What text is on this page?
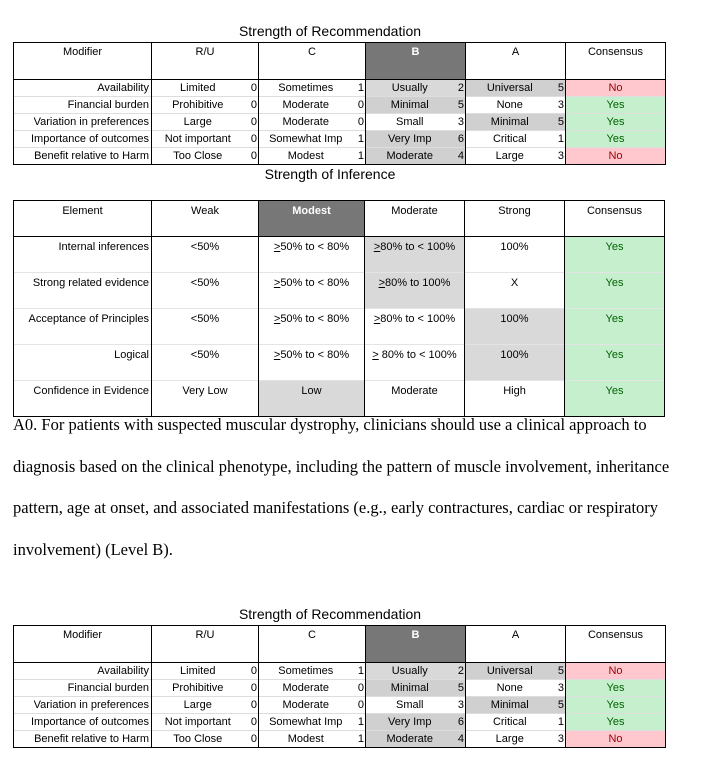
Strength of Recommendation
Modifier	R/U		C		B		A		Consensus
Availability	Limited	0	Sometimes	1	Usually	2	Universal	5	No
Financial burden	Prohibitive	0	Moderate	0	Minimal	5	None	3	Yes
Variation in preferences	Large	0	Moderate	0	Small	3	Minimal	5	Yes
Importance of outcomes	Not important	0	Somewhat Imp	1	Very Imp	6	Critical	1	Yes
Benefit relative to Harm	Too Close	0	Modest	1	Moderate	4	Large	3	No
Strength of Inference
Element	Weak	Modest	Moderate	Strong	Consensus
Internal inferences	<50%	>50% to < 80%	>80% to < 100%	100%	Yes
Strong related evidence	<50%	>50% to < 80%	>80% to 100%	X	Yes
Acceptance of Principles	<50%	>50% to < 80%	>80% to < 100%	100%	Yes
Logical	<50%	>50% to < 80%	> 80% to < 100%	100%	Yes
Confidence in Evidence	Very Low	Low	Moderate	High	Yes
A0. For patients with suspected muscular dystrophy, clinicians should use a clinical approach to diagnosis based on the clinical phenotype, including the pattern of muscle involvement, inheritance pattern, age at onset, and associated manifestations (e.g., early contractures, cardiac or respiratory involvement) (Level B).
Strength of Recommendation
Modifier	R/U		C		B		A		Consensus
Availability	Limited	0	Sometimes	1	Usually	2	Universal	5	No
Financial burden	Prohibitive	0	Moderate	0	Minimal	5	None	3	Yes
Variation in preferences	Large	0	Moderate	0	Small	3	Minimal	5	Yes
Importance of outcomes	Not important	0	Somewhat Imp	1	Very Imp	6	Critical	1	Yes
Benefit relative to Harm	Too Close	0	Modest	1	Moderate	4	Large	3	No
